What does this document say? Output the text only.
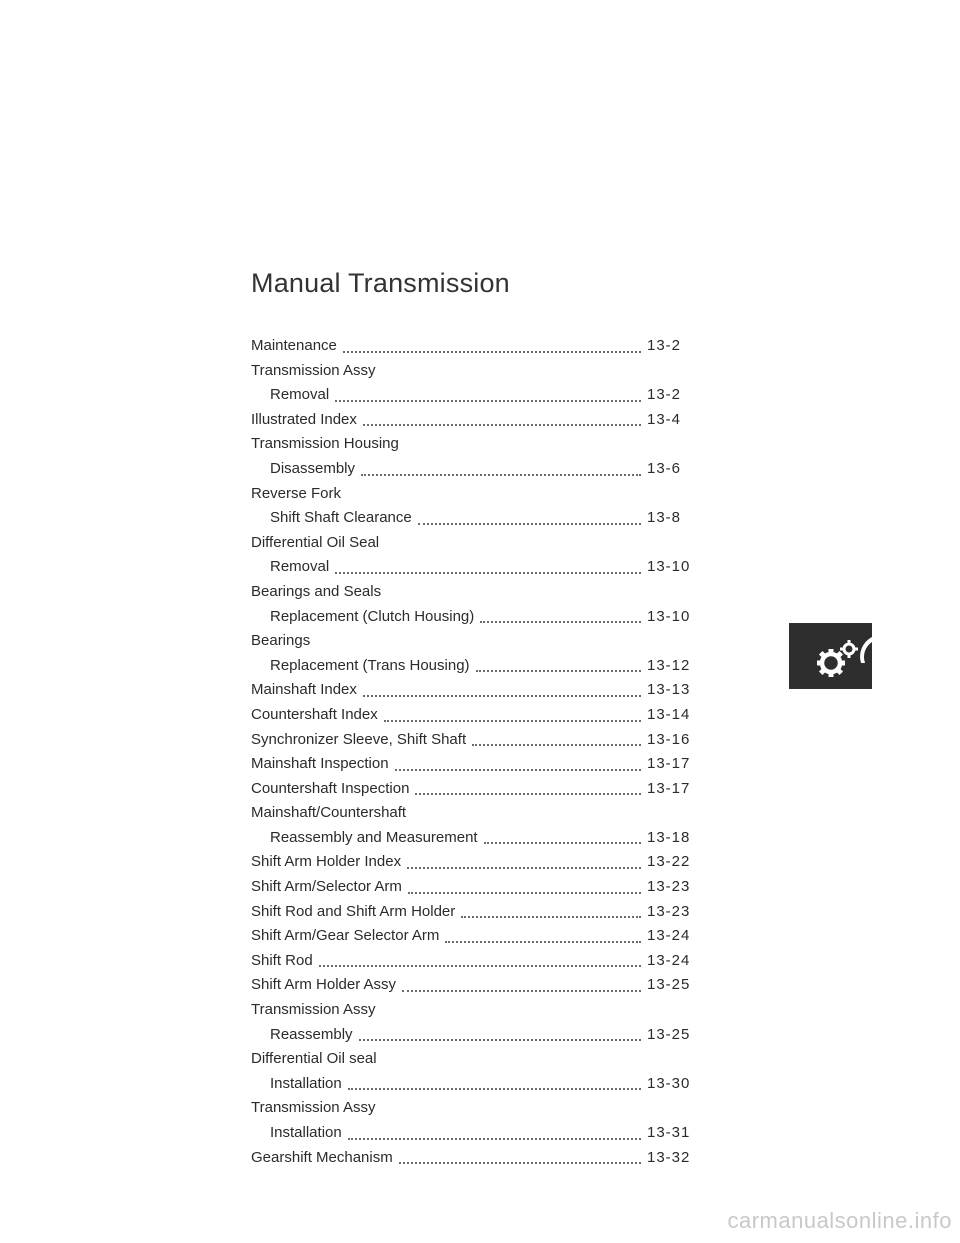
Manual Transmission
Maintenance	13-2
Transmission Assy
Removal	13-2
Illustrated Index	13-4
Transmission Housing
Disassembly	13-6
Reverse Fork
Shift Shaft Clearance	13-8
Differential Oil Seal
Removal	13-10
Bearings and Seals
Replacement (Clutch Housing)	13-10
Bearings
Replacement (Trans Housing)	13-12
Mainshaft Index	13-13
Countershaft Index	13-14
Synchronizer Sleeve, Shift Shaft	13-16
Mainshaft Inspection	13-17
Countershaft Inspection	13-17
Mainshaft/Countershaft
Reassembly and Measurement	13-18
Shift Arm Holder Index	13-22
Shift Arm/Selector Arm	13-23
Shift Rod and Shift Arm Holder	13-23
Shift Arm/Gear Selector Arm	13-24
Shift Rod	13-24
Shift Arm Holder Assy	13-25
Transmission Assy
Reassembly	13-25
Differential Oil seal
Installation	13-30
Transmission Assy
Installation	13-31
Gearshift Mechanism	13-32
carmanualsonline.info
